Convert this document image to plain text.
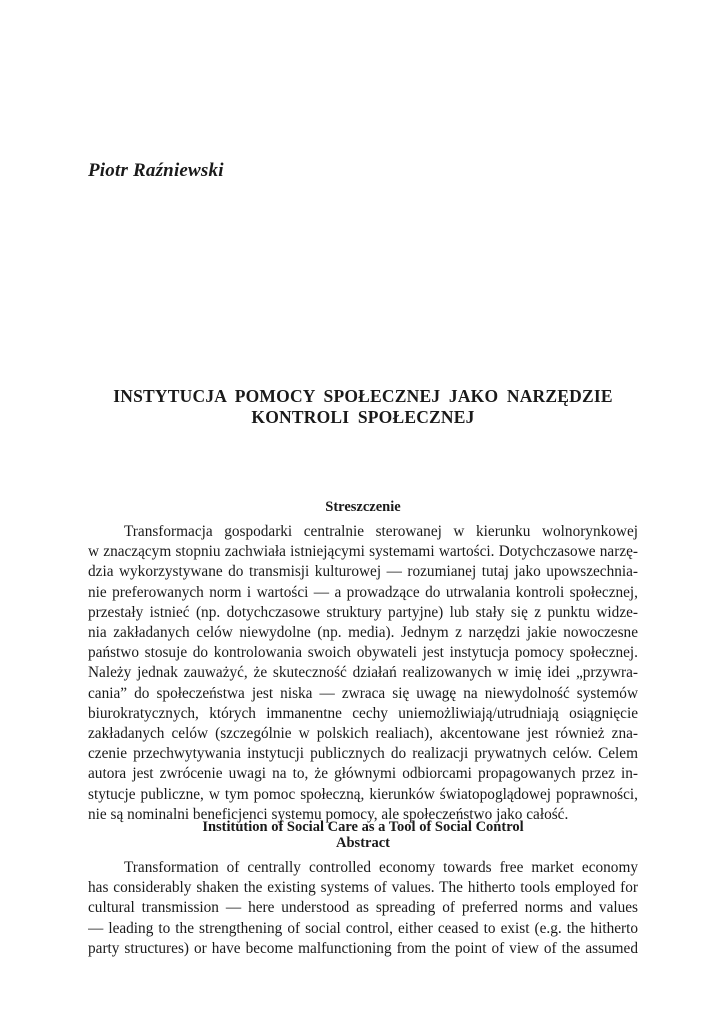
Piotr Raźniewski
INSTYTUCJA POMOCY SPOŁECZNEJ JAKO NARZĘDZIE
KONTROLI SPOŁECZNEJ
Streszczenie
Transformacja gospodarki centralnie sterowanej w kierunku wolnorynkowej
w znaczącym stopniu zachwiała istniejącymi systemami wartości. Dotychczasowe narzę-
dzia wykorzystywane do transmisji kulturowej — rozumianej tutaj jako upowszechnia-
nie preferowanych norm i wartości — a prowadzące do utrwalania kontroli społecznej,
przestały istnieć (np. dotychczasowe struktury partyjne) lub stały się z punktu widze-
nia zakładanych celów niewydolne (np. media). Jednym z narzędzi jakie nowoczesne
państwo stosuje do kontrolowania swoich obywateli jest instytucja pomocy społecznej.
Należy jednak zauważyć, że skuteczność działań realizowanych w imię idei „przywra-
cania” do społeczeństwa jest niska — zwraca się uwagę na niewydolność systemów
biurokratycznych, których immanentne cechy uniemożliwiają/utrudniają osiągnięcie
zakładanych celów (szczególnie w polskich realiach), akcentowane jest również zna-
czenie przechwytywania instytucji publicznych do realizacji prywatnych celów. Celem
autora jest zwrócenie uwagi na to, że głównymi odbiorcami propagowanych przez in-
stytucje publiczne, w tym pomoc społeczną, kierunków światopoglądowej poprawności,
nie są nominalni beneficjenci systemu pomocy, ale społeczeństwo jako całość.
Institution of Social Care as a Tool of Social Control
Abstract
Transformation of centrally controlled economy towards free market economy
has considerably shaken the existing systems of values. The hitherto tools employed for
cultural transmission — here understood as spreading of preferred norms and values
— leading to the strengthening of social control, either ceased to exist (e.g. the hitherto
party structures) or have become malfunctioning from the point of view of the assumed
